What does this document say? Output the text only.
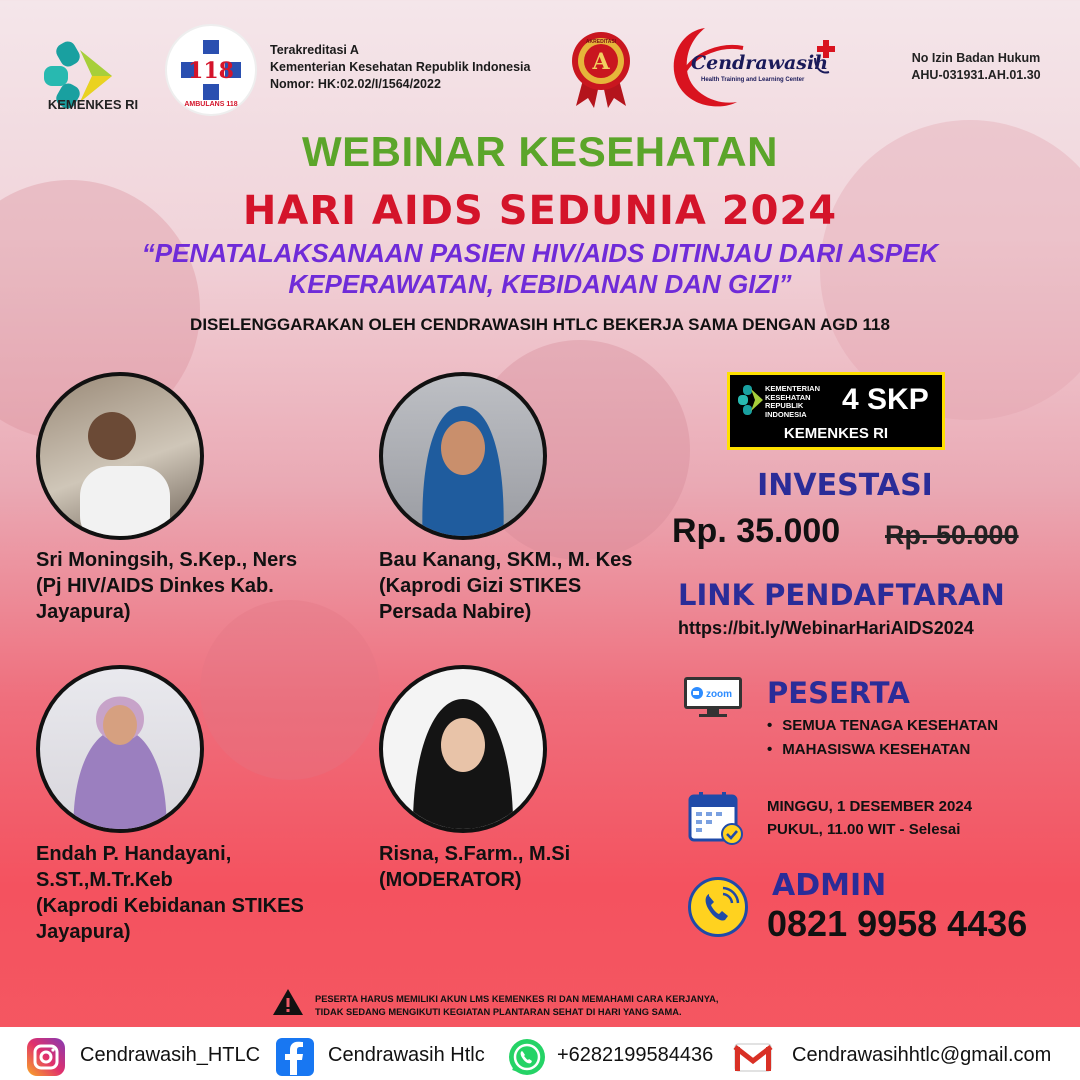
KEMENKES RI
118
AMBULANS 118
Terakreditasi A
Kementerian Kesehatan Republik Indonesia
Nomor: HK:02.02/I/1564/2022
A
AKREDITASI
Cendrawasih
Health Training and Learning Center
No Izin Badan Hukum
AHU-031931.AH.01.30
WEBINAR KESEHATAN
HARI AIDS SEDUNIA 2024
“PENATALAKSANAAN PASIEN HIV/AIDS DITINJAU DARI ASPEK
KEPERAWATAN, KEBIDANAN DAN GIZI”
DISELENGGARAKAN OLEH CENDRAWASIH HTLC BEKERJA SAMA DENGAN AGD 118
Sri Moningsih, S.Kep., Ners
(Pj HIV/AIDS Dinkes Kab.
Jayapura)
Bau Kanang, SKM., M. Kes
(Kaprodi Gizi STIKES
Persada Nabire)
Endah P. Handayani,
S.ST.,M.Tr.Keb
(Kaprodi Kebidanan STIKES
Jayapura)
Risna, S.Farm., M.Si
(MODERATOR)
KEMENTERIAN
KESEHATAN
REPUBLIK
INDONESIA	4 SKP
KEMENKES RI
INVESTASI
Rp. 35.000 Rp. 50.000
LINK PENDAFTARAN
https://bit.ly/WebinarHariAIDS2024
zoom PESERTA
• SEMUA TENAGA KESEHATAN
• MAHASISWA KESEHATAN
MINGGU, 1 DESEMBER 2024
PUKUL, 11.00 WIT - Selesai
ADMIN
0821 9958 4436
PESERTA HARUS MEMILIKI AKUN LMS KEMENKES RI DAN MEMAHAMI CARA KERJANYA,
TIDAK SEDANG MENGIKUTI KEGIATAN PLANTARAN SEHAT DI HARI YANG SAMA.
Cendrawasih_HTLC	Cendrawasih Htlc	+6282199584436	Cendrawasihhtlc@gmail.com
